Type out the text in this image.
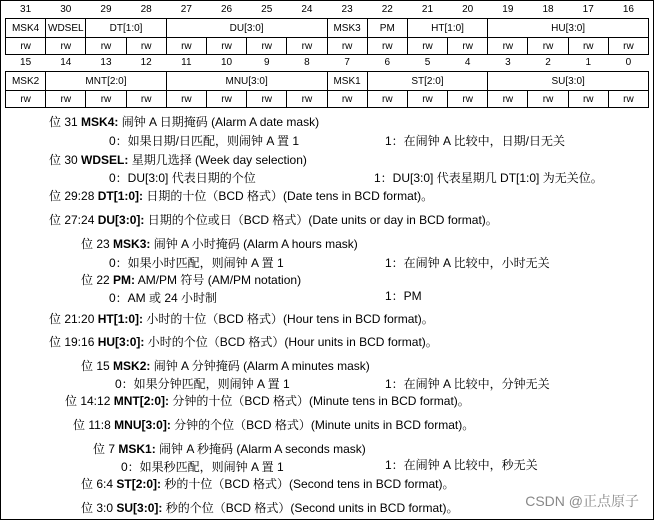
31	30	29	28	27	26	25	24	23	22	21	20	19	18	17	16
MSK4	WDSEL	DT[1:0]		DU[3:0]				MSK3	PM	HT[1:0]		HU[3:0]			
rw	rw	rw	rw	rw	rw	rw	rw	rw	rw	rw	rw	rw	rw	rw	rw
15	14	13	12	11	10	9	8	7	6	5	4	3	2	1	0
MSK2	MNT[2:0]			MNU[3:0]				MSK1	ST[2:0]			SU[3:0]			
rw	rw	rw	rw	rw	rw	rw	rw	rw	rw	rw	rw	rw	rw	rw	rw
位 31 MSK4: 闹钟 A 日期掩码 (Alarm A date mask)
0：如果日期/日匹配，则闹钟 A 置 1	1：在闹钟 A 比较中，日期/日无关
位 30 WDSEL: 星期几选择 (Week day selection)
0：DU[3:0] 代表日期的个位	1：DU[3:0] 代表星期几 DT[1:0] 为无关位。
位 29:28 DT[1:0]: 日期的十位（BCD 格式）(Date tens in BCD format)。
位 27:24 DU[3:0]: 日期的个位或日（BCD 格式）(Date units or day in BCD format)。
位 23 MSK3: 闹钟 A 小时掩码 (Alarm A hours mask)
0：如果小时匹配，则闹钟 A 置 1	1：在闹钟 A 比较中，小时无关
位 22 PM: AM/PM 符号 (AM/PM notation)
0：AM 或 24 小时制	1：PM
位 21:20 HT[1:0]: 小时的十位（BCD 格式）(Hour tens in BCD format)。
位 19:16 HU[3:0]: 小时的个位（BCD 格式）(Hour units in BCD format)。
位 15 MSK2: 闹钟 A 分钟掩码 (Alarm A minutes mask)
0：如果分钟匹配，则闹钟 A 置 1	1：在闹钟 A 比较中，分钟无关
位 14:12 MNT[2:0]: 分钟的十位（BCD 格式）(Minute tens in BCD format)。
位 11:8 MNU[3:0]: 分钟的个位（BCD 格式）(Minute units in BCD format)。
位 7 MSK1: 闹钟 A 秒掩码 (Alarm A seconds mask)
0：如果秒匹配，则闹钟 A 置 1	1：在闹钟 A 比较中，秒无关
位 6:4 ST[2:0]: 秒的十位（BCD 格式）(Second tens in BCD format)。
位 3:0 SU[3:0]: 秒的个位（BCD 格式）(Second units in BCD format)。	CSDN @正点原子
